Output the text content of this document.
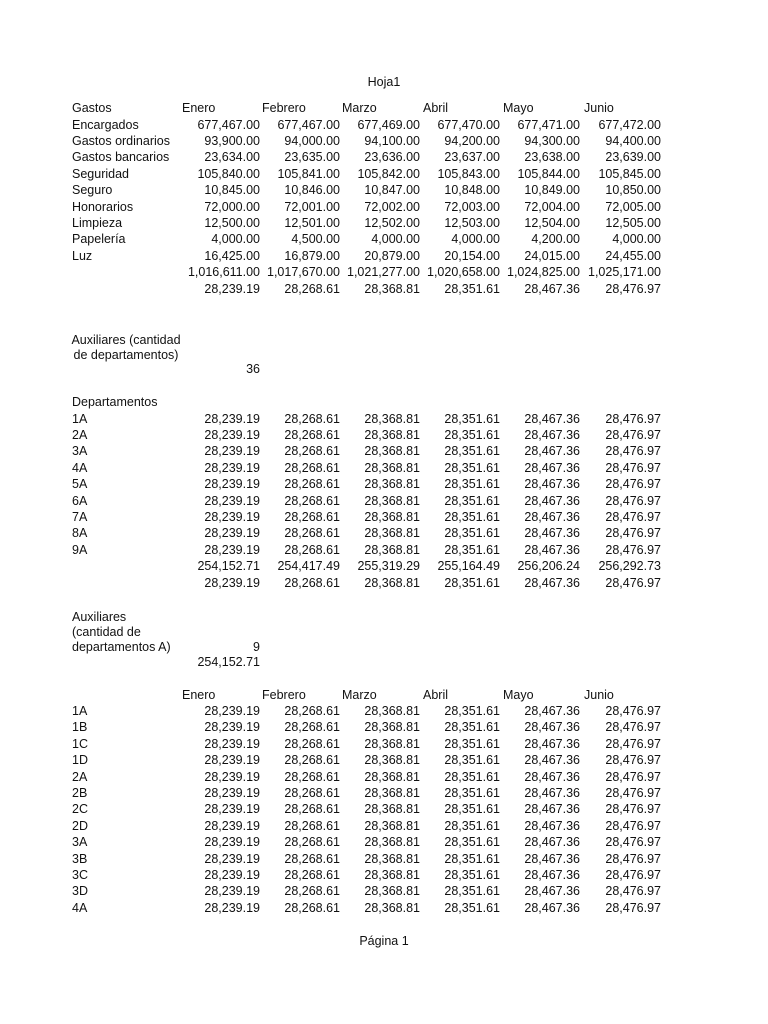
Hoja1
Gastos	Enero	Febrero	Marzo	Abril	Mayo	Junio
Encargados	677,467.00 677,467.00 677,469.00 677,470.00 677,471.00 677,472.00
Gastos ordinarios	93,900.00 94,000.00 94,100.00 94,200.00 94,300.00 94,400.00
Gastos bancarios	23,634.00 23,635.00 23,636.00 23,637.00 23,638.00 23,639.00
Seguridad	105,840.00 105,841.00 105,842.00 105,843.00 105,844.00 105,845.00
Seguro	10,845.00 10,846.00 10,847.00 10,848.00 10,849.00 10,850.00
Honorarios	72,000.00 72,001.00 72,002.00 72,003.00 72,004.00 72,005.00
Limpieza	12,500.00 12,501.00 12,502.00 12,503.00 12,504.00 12,505.00
Papelería	4,000.00	4,500.00	4,000.00	4,000.00	4,200.00	4,000.00
Luz	16,425.00 16,879.00 20,879.00 20,154.00 24,015.00 24,455.00
1,016,611.00 1,017,670.00 1,021,277.00 1,020,658.00 1,024,825.00 1,025,171.00
28,239.19 28,268.61 28,368.81 28,351.61 28,467.36 28,476.97
Auxiliares (cantidad de departamentos)
36
Departamentos
1A	28,239.19 28,268.61 28,368.81 28,351.61 28,467.36 28,476.97
2A	28,239.19 28,268.61 28,368.81 28,351.61 28,467.36 28,476.97
3A	28,239.19 28,268.61 28,368.81 28,351.61 28,467.36 28,476.97
4A	28,239.19 28,268.61 28,368.81 28,351.61 28,467.36 28,476.97
5A	28,239.19 28,268.61 28,368.81 28,351.61 28,467.36 28,476.97
6A	28,239.19 28,268.61 28,368.81 28,351.61 28,467.36 28,476.97
7A	28,239.19 28,268.61 28,368.81 28,351.61 28,467.36 28,476.97
8A	28,239.19 28,268.61 28,368.81 28,351.61 28,467.36 28,476.97
9A	28,239.19 28,268.61 28,368.81 28,351.61 28,467.36 28,476.97
254,152.71 254,417.49 255,319.29 255,164.49 256,206.24 256,292.73
28,239.19 28,268.61 28,368.81 28,351.61 28,467.36 28,476.97
Auxiliares
(cantidad de
departamentos A)	9
254,152.71
Enero	Febrero	Marzo	Abril	Mayo	Junio
1A	28,239.19 28,268.61 28,368.81 28,351.61 28,467.36 28,476.97
1B	28,239.19 28,268.61 28,368.81 28,351.61 28,467.36 28,476.97
1C	28,239.19 28,268.61 28,368.81 28,351.61 28,467.36 28,476.97
1D	28,239.19 28,268.61 28,368.81 28,351.61 28,467.36 28,476.97
2A	28,239.19 28,268.61 28,368.81 28,351.61 28,467.36 28,476.97
2B	28,239.19 28,268.61 28,368.81 28,351.61 28,467.36 28,476.97
2C	28,239.19 28,268.61 28,368.81 28,351.61 28,467.36 28,476.97
2D	28,239.19 28,268.61 28,368.81 28,351.61 28,467.36 28,476.97
3A	28,239.19 28,268.61 28,368.81 28,351.61 28,467.36 28,476.97
3B	28,239.19 28,268.61 28,368.81 28,351.61 28,467.36 28,476.97
3C	28,239.19 28,268.61 28,368.81 28,351.61 28,467.36 28,476.97
3D	28,239.19 28,268.61 28,368.81 28,351.61 28,467.36 28,476.97
4A	28,239.19 28,268.61 28,368.81 28,351.61 28,467.36 28,476.97
Página 1
